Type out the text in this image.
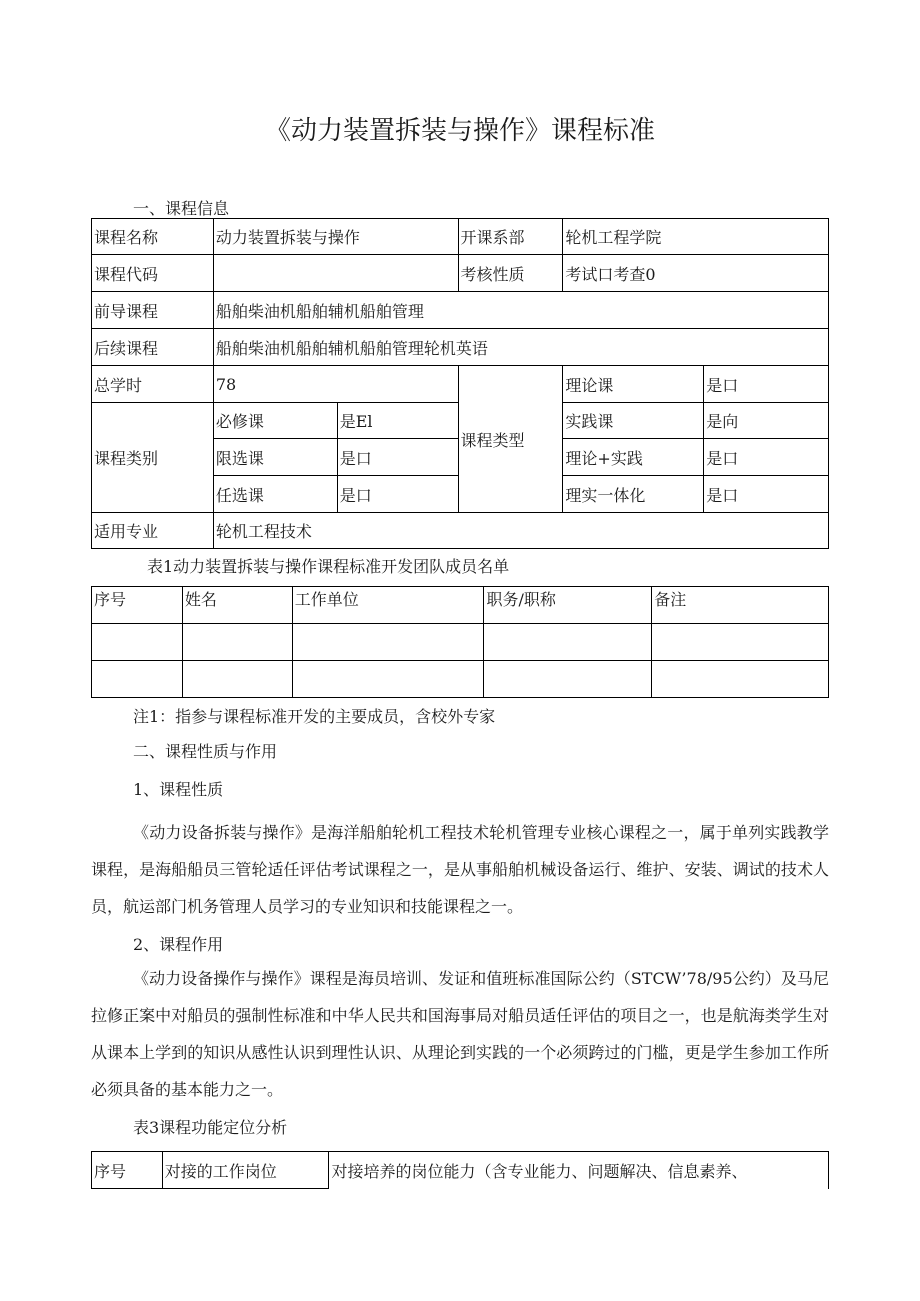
《动力装置拆装与操作》课程标准
一、课程信息
课程名称	动力装置拆装与操作		开课系部	轮机工程学院	
课程代码			考核性质	考试口考查0	
前导课程	船舶柴油机船舶辅机船舶管理				
后续课程	船舶柴油机船舶辅机船舶管理轮机英语				
总学时	78		课程类型	理论课	是口
课程类别	必修课	是El		实践课	是向
	限选课	是口		理论+实践	是口
	任选课	是口		理实一体化	是口
适用专业	轮机工程技术				
表1动力装置拆装与操作课程标准开发团队成员名单
序号	姓名	工作单位	职务/职称	备注

注1：指参与课程标准开发的主要成员，含校外专家
二、课程性质与作用
1、课程性质
《动力设备拆装与操作》是海洋船舶轮机工程技术轮机管理专业核心课程之一，属于单列实践教学课程，是海船船员三管轮适任评估考试课程之一，是从事船舶机械设备运行、维护、安装、调试的技术人员，航运部门机务管理人员学习的专业知识和技能课程之一。
2、课程作用
《动力设备操作与操作》课程是海员培训、发证和值班标准国际公约（STCW’78/95公约）及马尼拉修正案中对船员的强制性标准和中华人民共和国海事局对船员适任评估的项目之一，也是航海类学生对从课本上学到的知识从感性认识到理性认识、从理论到实践的一个必须跨过的门槛，更是学生参加工作所必须具备的基本能力之一。
表3课程功能定位分析
序号	对接的工作岗位	对接培养的岗位能力（含专业能力、问题解决、信息素养、
